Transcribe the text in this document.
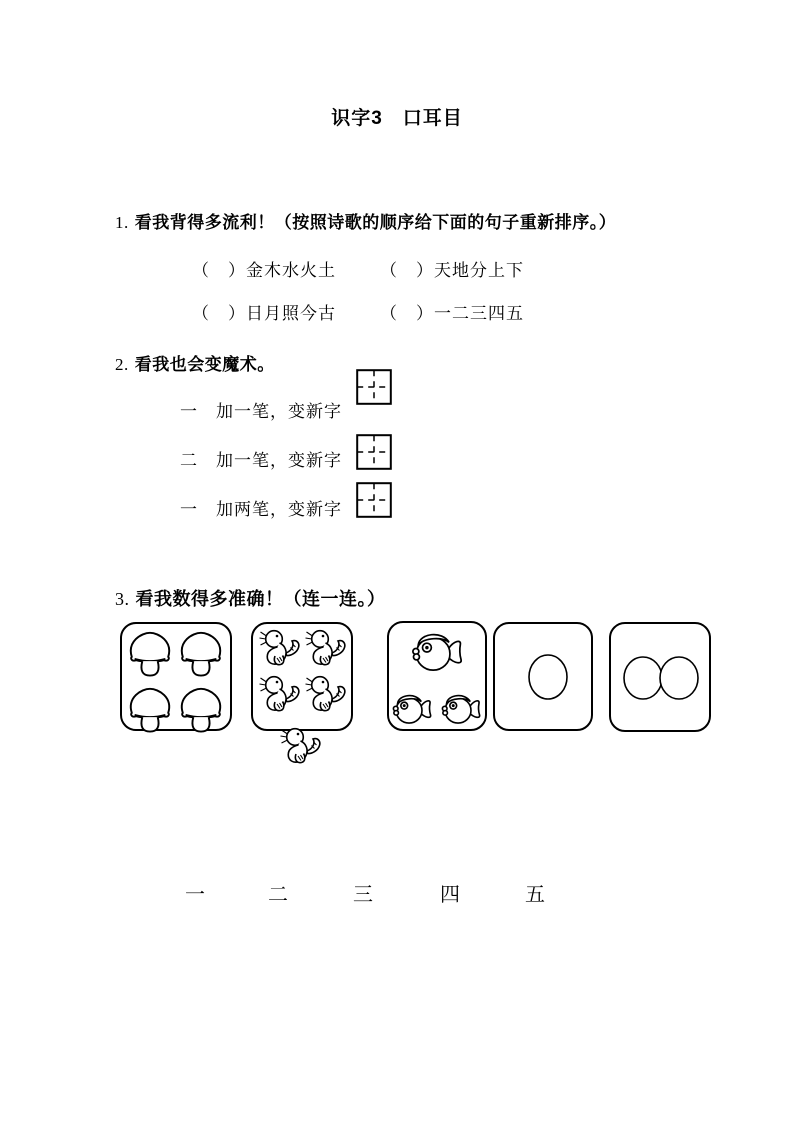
识字3　口耳目
1. 看我背得多流利！（按照诗歌的顺序给下面的句子重新排序。）
（　）金木水火土	（　）天地分上下
（　）日月照今古	（　）一二三四五
2. 看我也会变魔术。
一　加一笔，变新字
二　加一笔，变新字
一　加两笔，变新字
3. 看我数得多准确！（连一连。）
一	二	三	四	五
